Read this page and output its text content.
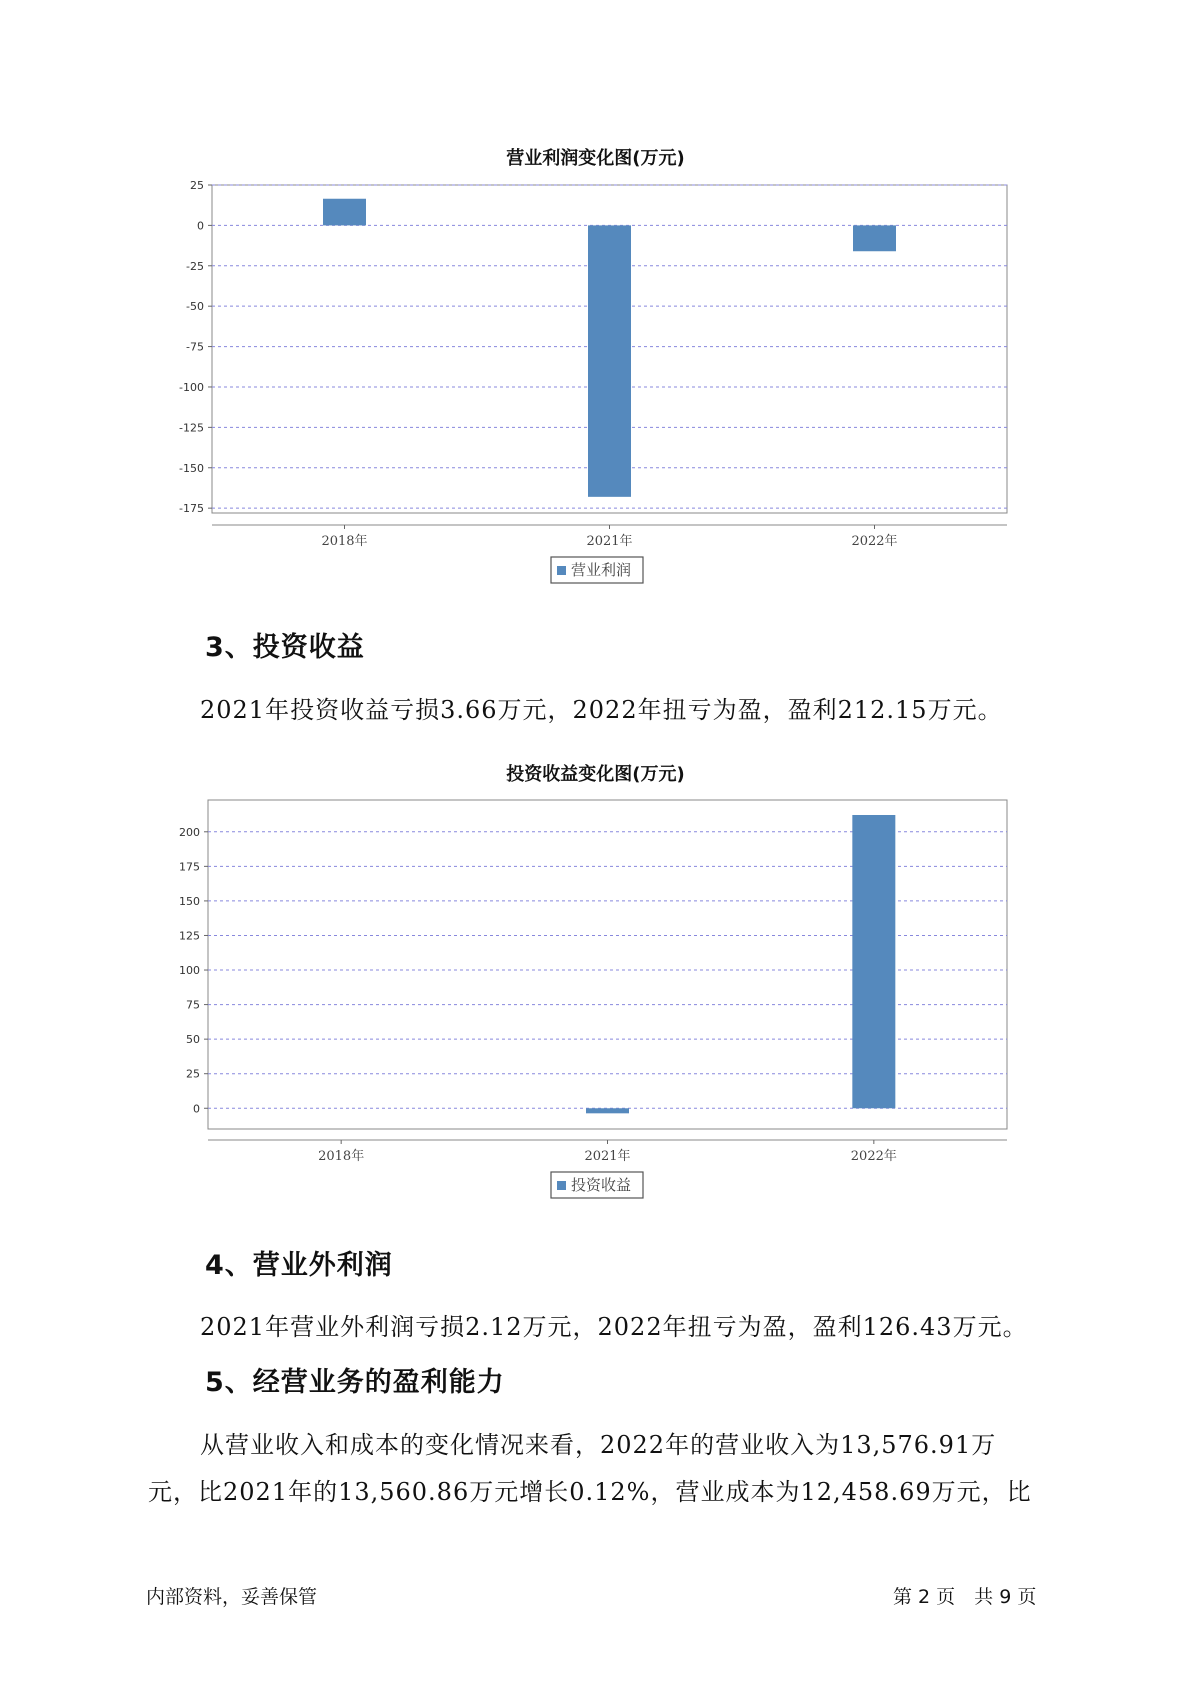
营业利润变化图(万元)
25
0
-25
-50
-75
-100
-125
-150
-175
2018年	2021年	2022年
营业利润
3、投资收益
2021年投资收益亏损3.66万元，2022年扭亏为盈，盈利212.15万元。
投资收益变化图(万元)
200
175
150
125
100
75
50
25
0
2018年	2021年	2022年
投资收益
4、营业外利润
2021年营业外利润亏损2.12万元，2022年扭亏为盈，盈利126.43万元。
5、经营业务的盈利能力
从营业收入和成本的变化情况来看，2022年的营业收入为13,576.91万
元，比2021年的13,560.86万元增长0.12%，营业成本为12,458.69万元，比
内部资料，妥善保管	第 2 页　共 9 页
